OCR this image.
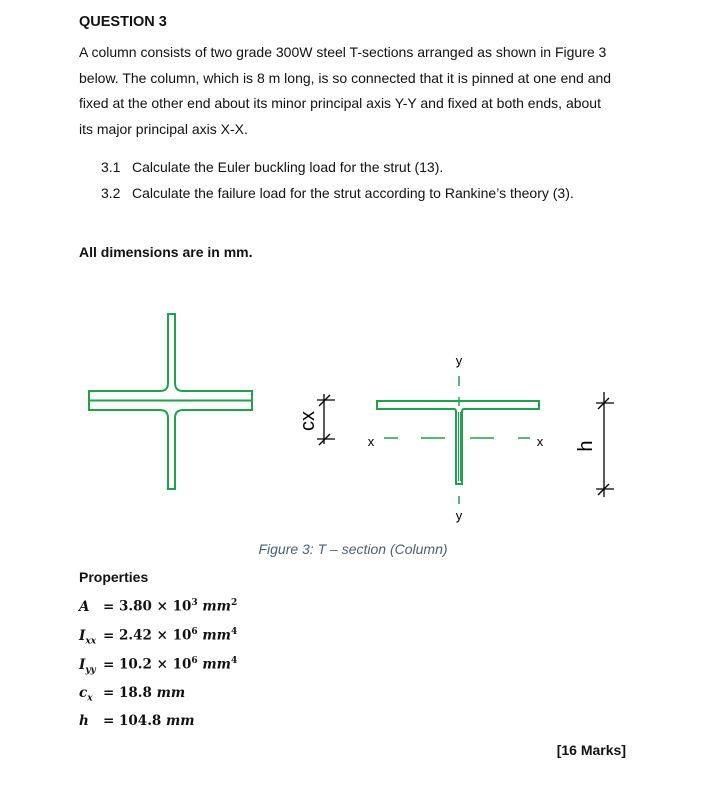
QUESTION 3

A column consists of two grade 300W steel T-sections arranged as shown in Figure 3

below. The column, which is 8 m long, is so connected that it is pinned at one end and

fixed at the other end about its minor principal axis Y-Y and fixed at both ends, about

its major principal axis X-X.

3.1 Calculate the Euler buckling load for the strut (13).
3.2 Calculate the failure load for the strut according to Rankine’s theory (3).
All dimensions are in mm.
y
y
x	x
cx
h
Figure 3: T – section (Column)
Properties
$A = 3.80 \times 10^3$ $mm^2$
$I_{xx} = 2.42 \times 10^6$ $mm^4$
$I_{yy} = 10.2 \times 10^6$ $mm^4$
$c_x = 18.8$ mm
h = 104.8 mm
[16 Marks]
